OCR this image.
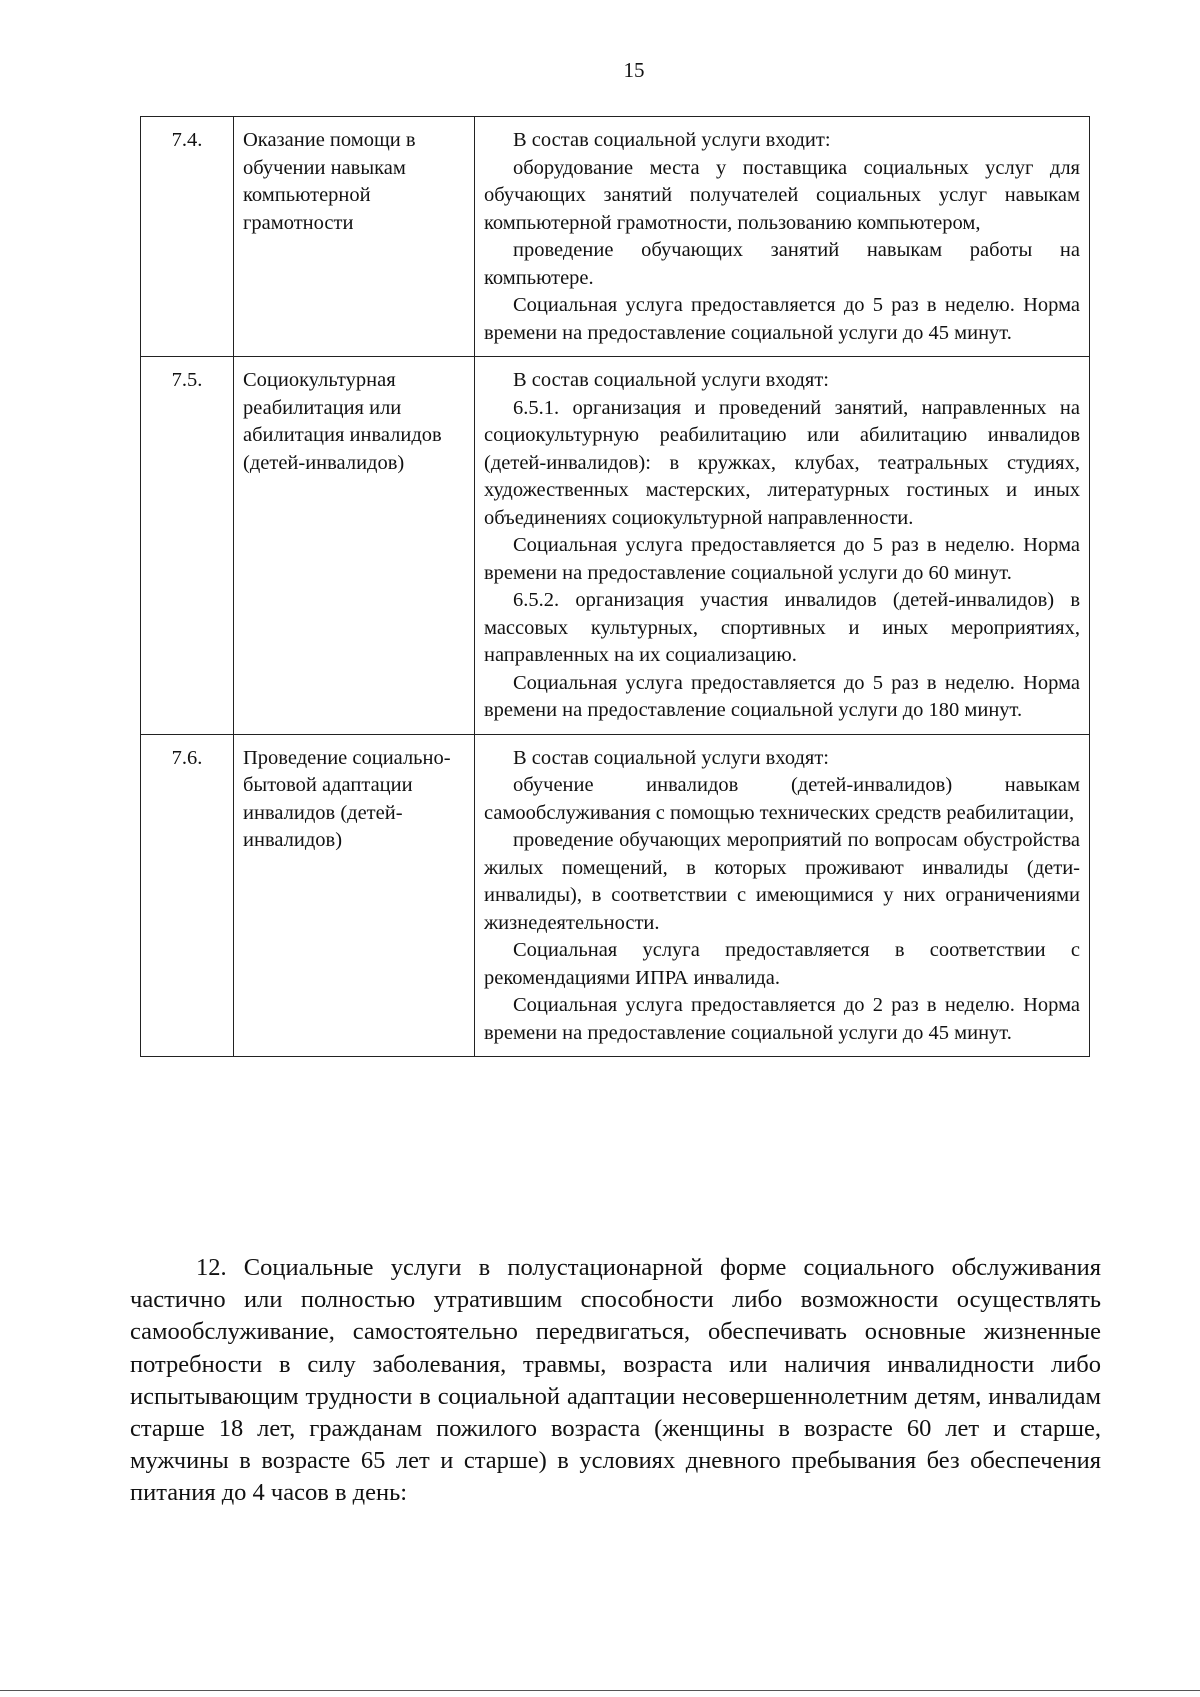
15
7.4.	Оказание помощи в обучении навыкам компьютерной грамотности	В состав социальной услуги входит:

оборудование места у поставщика социальных услуг для обучающих занятий получателей социальных услуг навыкам компьютерной грамотности, пользованию компьютером,

проведение обучающих занятий навыкам работы на компьютере.

Социальная услуга предоставляется до 5 раз в неделю. Норма времени на предоставление социальной услуги до 45 минут.

7.5.	Социокультурная реабилитация или абилитация инвалидов (детей-инвалидов)	В состав социальной услуги входят:

6.5.1. организация и проведений занятий, направленных на социокультурную реабилитацию или абилитацию инвалидов (детей-инвалидов): в кружках, клубах, театральных студиях, художественных мастерских, литературных гостиных и иных объединениях социокультурной направленности.

Социальная услуга предоставляется до 5 раз в неделю. Норма времени на предоставление социальной услуги до 60 минут.

6.5.2. организация участия инвалидов (детей-инвалидов) в массовых культурных, спортивных и иных мероприятиях, направленных на их социализацию.

Социальная услуга предоставляется до 5 раз в неделю. Норма времени на предоставление социальной услуги до 180 минут.

7.6.	Проведение социально-бытовой адаптации инвалидов (детей-инвалидов)	В состав социальной услуги входят:

обучение инвалидов (детей-инвалидов) навыкам самообслуживания с помощью технических средств реабилитации,

проведение обучающих мероприятий по вопросам обустройства жилых помещений, в которых проживают инвалиды (дети-инвалиды), в соответствии с имеющимися у них ограничениями жизнедеятельности.

Социальная услуга предоставляется в соответствии с рекомендациями ИПРА инвалида.

Социальная услуга предоставляется до 2 раз в неделю. Норма времени на предоставление социальной услуги до 45 минут.

12. Социальные услуги в полустационарной форме социального обслуживания частично или полностью утратившим способности либо возможности осуществлять самообслуживание, самостоятельно передвигаться, обеспечивать основные жизненные потребности в силу заболевания, травмы, возраста или наличия инвалидности либо испытывающим трудности в социальной адаптации несовершеннолетним детям, инвалидам старше 18 лет, гражданам пожилого возраста (женщины в возрасте 60 лет и старше, мужчины в возрасте 65 лет и старше) в условиях дневного пребывания без обеспечения питания до 4 часов в день:
